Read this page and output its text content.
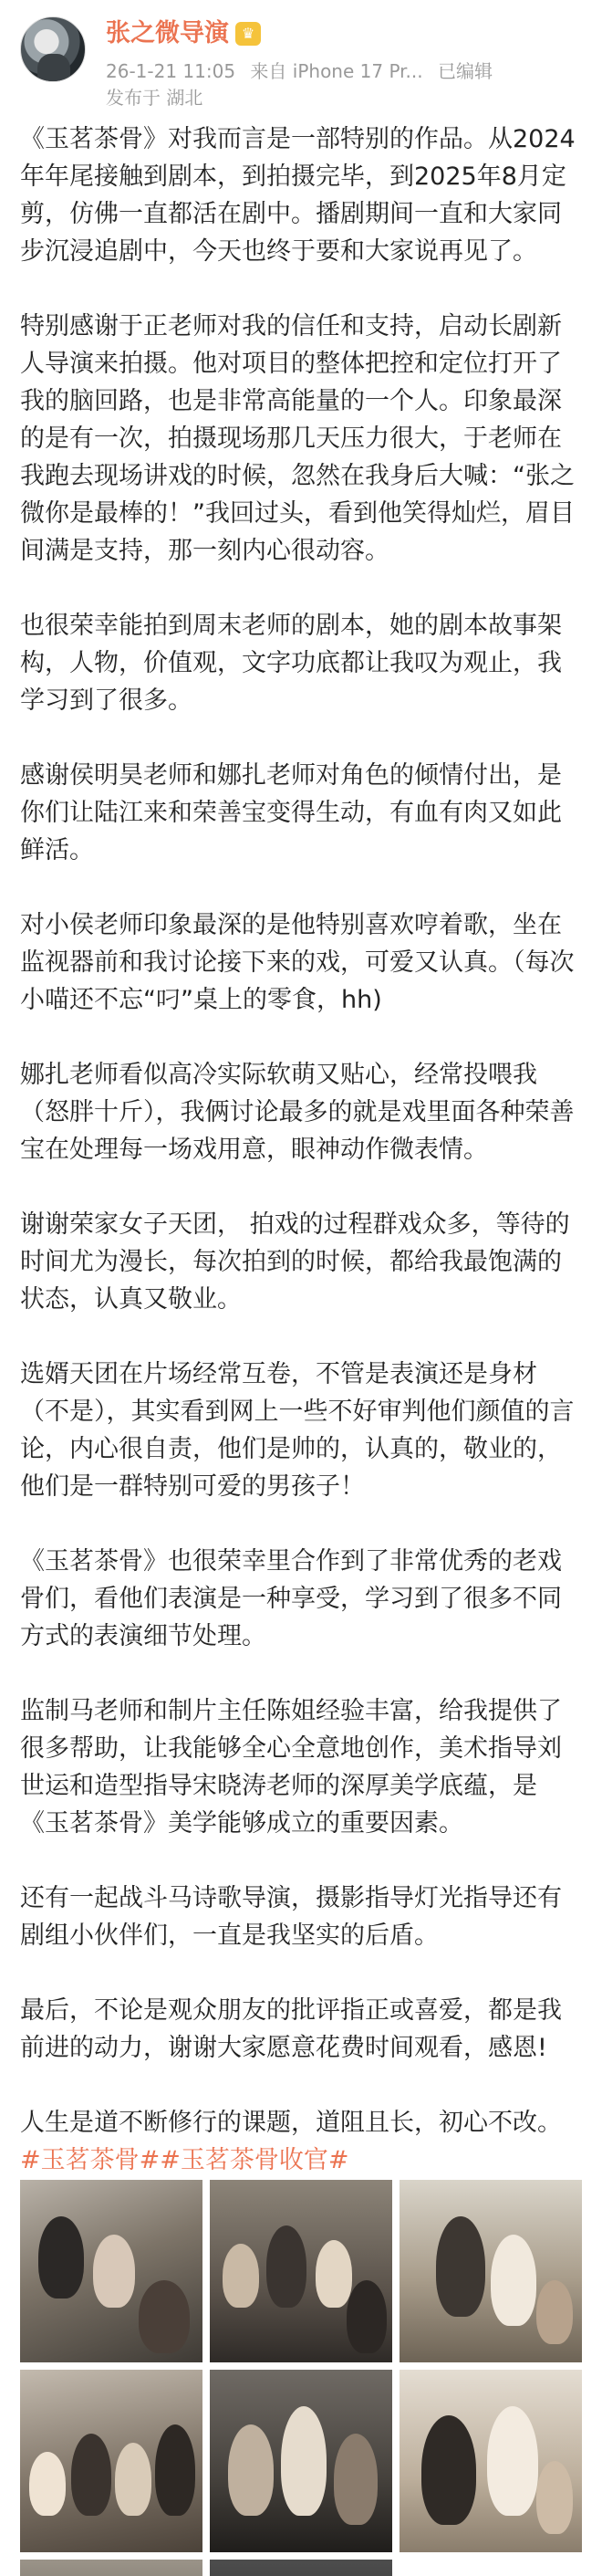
张之微导演 ♛
26-1-21 11:05 来自 iPhone 17 Pr... 已编辑
发布于 湖北

《玉茗茶骨》对我而言是一部特别的作品。从2024年年尾接触到剧本，到拍摄完毕，到2025年8月定剪，仿佛一直都活在剧中。播剧期间一直和大家同步沉浸追剧中，今天也终于要和大家说再见了。

特别感谢于正老师对我的信任和支持，启动长剧新人导演来拍摄。他对项目的整体把控和定位打开了我的脑回路，也是非常高能量的一个人。印象最深的是有一次，拍摄现场那几天压力很大，于老师在我跑去现场讲戏的时候，忽然在我身后大喊：“张之微你是最棒的！”我回过头，看到他笑得灿烂，眉目间满是支持，那一刻内心很动容。

也很荣幸能拍到周末老师的剧本，她的剧本故事架构，人物，价值观，文字功底都让我叹为观止，我学习到了很多。

感谢侯明昊老师和娜扎老师对角色的倾情付出，是你们让陆江来和荣善宝变得生动，有血有肉又如此鲜活。

对小侯老师印象最深的是他特别喜欢哼着歌，坐在监视器前和我讨论接下来的戏，可爱又认真。（每次小喵还不忘“叼”桌上的零食，hh)

娜扎老师看似高冷实际软萌又贴心，经常投喂我（怒胖十斤），我俩讨论最多的就是戏里面各种荣善宝在处理每一场戏用意，眼神动作微表情。

谢谢荣家女子天团， 拍戏的过程群戏众多，等待的时间尤为漫长，每次拍到的时候，都给我最饱满的状态，认真又敬业。

选婿天团在片场经常互卷，不管是表演还是身材（不是），其实看到网上一些不好审判他们颜值的言论，内心很自责，他们是帅的，认真的，敬业的，他们是一群特别可爱的男孩子！

《玉茗茶骨》也很荣幸里合作到了非常优秀的老戏骨们，看他们表演是一种享受，学习到了很多不同方式的表演细节处理。

监制马老师和制片主任陈姐经验丰富，给我提供了很多帮助，让我能够全心全意地创作，美术指导刘世运和造型指导宋晓涛老师的深厚美学底蕴，是《玉茗茶骨》美学能够成立的重要因素。

还有一起战斗马诗歌导演，摄影指导灯光指导还有剧组小伙伴们，一直是我坚实的后盾。

最后，不论是观众朋友的批评指正或喜爱，都是我前进的动力，谢谢大家愿意花费时间观看，感恩!

人生是道不断修行的课题，道阻且长，初心不改。

#玉茗茶骨##玉茗茶骨收官#
